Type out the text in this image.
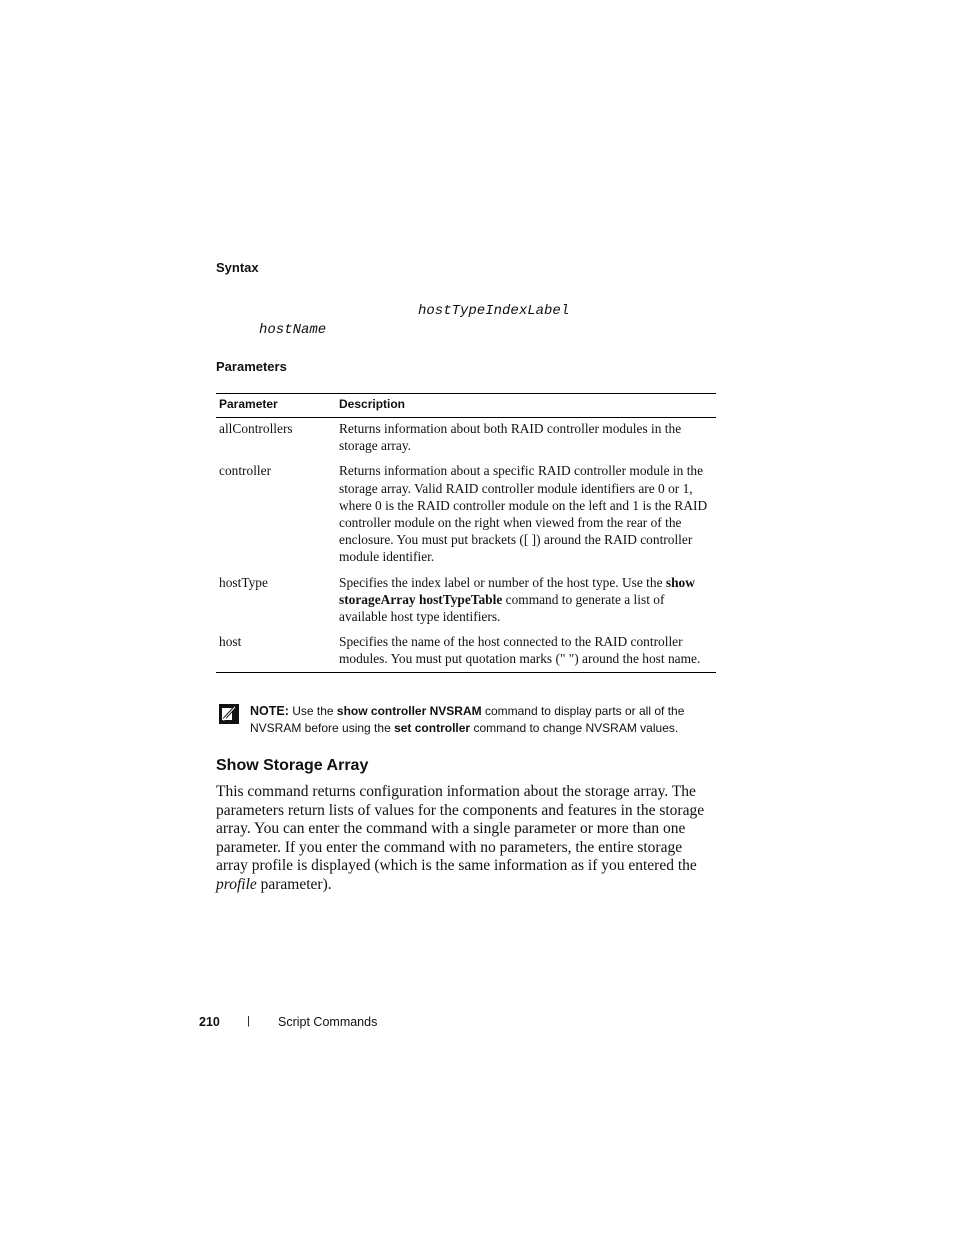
Syntax
hostTypeIndexLabel
hostName
Parameters
Parameter	Description
allControllers	Returns information about both RAID controller modules in the storage array.
controller	Returns information about a specific RAID controller module in the storage array. Valid RAID controller module identifiers are 0 or 1, where 0 is the RAID controller module on the left and 1 is the RAID controller module on the right when viewed from the rear of the enclosure. You must put brackets ([ ]) around the RAID controller module identifier.
hostType	Specifies the index label or number of the host type. Use the show storageArray hostTypeTable command to generate a list of available host type identifiers.
host	Specifies the name of the host connected to the RAID controller modules. You must put quotation marks (" ") around the host name.
NOTE: Use the show controller NVSRAM command to display parts or all of the NVSRAM before using the set controller command to change NVSRAM values.
Show Storage Array
This command returns configuration information about the storage array. The parameters return lists of values for the components and features in the storage array. You can enter the command with a single parameter or more than one parameter. If you enter the command with no parameters, the entire storage array profile is displayed (which is the same information as if you entered the profile parameter).
210 | Script Commands
